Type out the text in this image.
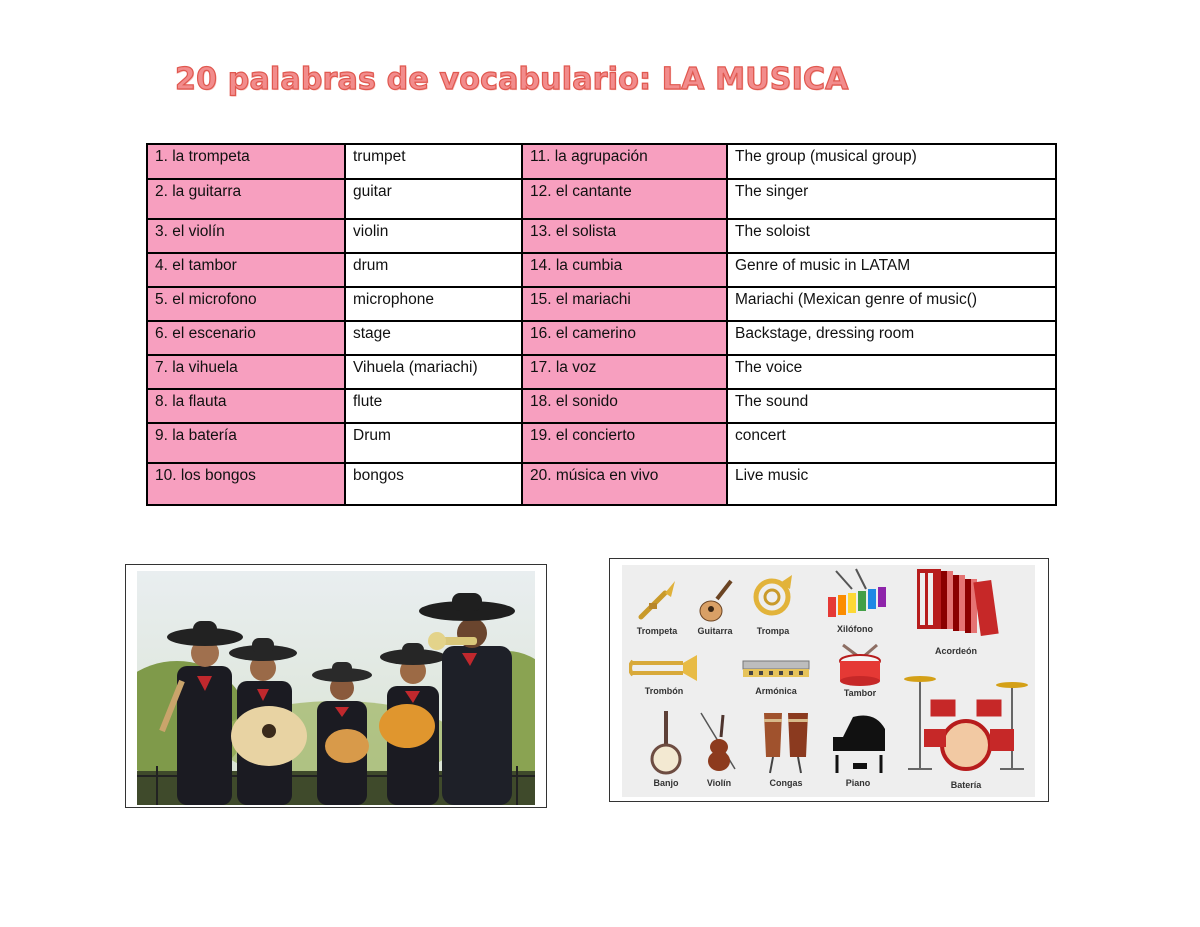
20 palabras de vocabulario: LA MUSICA
1. la trompeta	trumpet	11. la agrupación	The group (musical group)
2. la guitarra	guitar	12. el cantante	The singer
3. el violín	violin	13. el solista	The soloist
4. el tambor	drum	14. la cumbia	Genre of music in LATAM
5. el microfono	microphone	15. el mariachi	Mariachi (Mexican genre of music()
6. el escenario	stage	16. el camerino	Backstage, dressing room
7. la vihuela	Vihuela (mariachi)	17. la voz	The voice
8. la flauta	flute	18. el sonido	The sound
9. la batería	Drum	19. el concierto	concert
10. los bongos	bongos	20. música en vivo	Live music
Trompeta	Guitarra	Trompa	Xilófono
Acordeón
Trombón	Armónica	Tambor
Banjo	Violín	Congas	Piano	Batería
